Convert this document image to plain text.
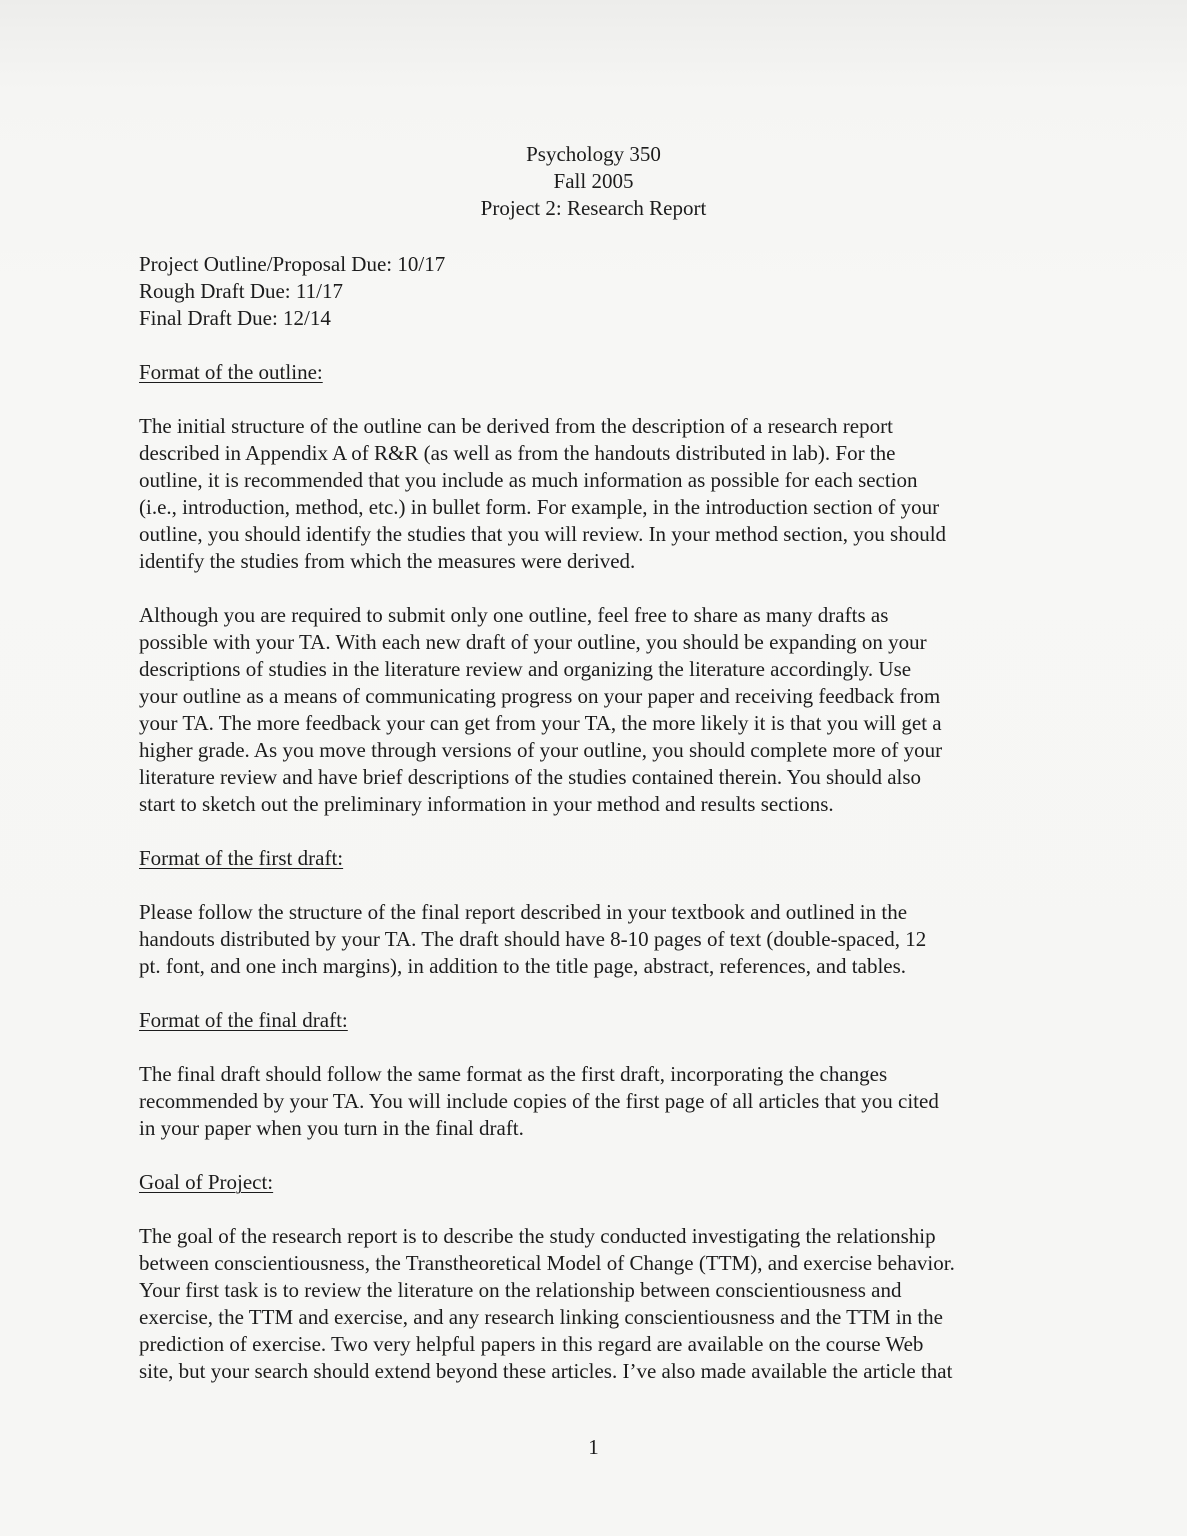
Psychology 350
Fall 2005
Project 2: Research Report
Project Outline/Proposal Due: 10/17
Rough Draft Due: 11/17
Final Draft Due: 12/14
Format of the outline:
The initial structure of the outline can be derived from the description of a research report
described in Appendix A of R&R (as well as from the handouts distributed in lab). For the
outline, it is recommended that you include as much information as possible for each section
(i.e., introduction, method, etc.) in bullet form. For example, in the introduction section of your
outline, you should identify the studies that you will review. In your method section, you should
identify the studies from which the measures were derived.
Although you are required to submit only one outline, feel free to share as many drafts as
possible with your TA. With each new draft of your outline, you should be expanding on your
descriptions of studies in the literature review and organizing the literature accordingly. Use
your outline as a means of communicating progress on your paper and receiving feedback from
your TA. The more feedback your can get from your TA, the more likely it is that you will get a
higher grade. As you move through versions of your outline, you should complete more of your
literature review and have brief descriptions of the studies contained therein. You should also
start to sketch out the preliminary information in your method and results sections.
Format of the first draft:
Please follow the structure of the final report described in your textbook and outlined in the
handouts distributed by your TA. The draft should have 8-10 pages of text (double-spaced, 12
pt. font, and one inch margins), in addition to the title page, abstract, references, and tables.
Format of the final draft:
The final draft should follow the same format as the first draft, incorporating the changes
recommended by your TA. You will include copies of the first page of all articles that you cited
in your paper when you turn in the final draft.
Goal of Project:
The goal of the research report is to describe the study conducted investigating the relationship
between conscientiousness, the Transtheoretical Model of Change (TTM), and exercise behavior.
Your first task is to review the literature on the relationship between conscientiousness and
exercise, the TTM and exercise, and any research linking conscientiousness and the TTM in the
prediction of exercise. Two very helpful papers in this regard are available on the course Web
site, but your search should extend beyond these articles. I’ve also made available the article that
1
